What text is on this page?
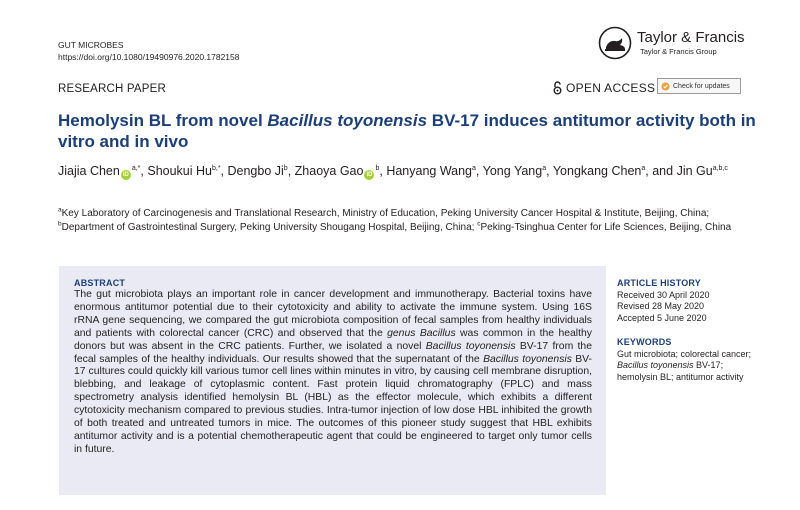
GUT MICROBES
https://doi.org/10.1080/19490976.2020.1782158
Taylor & Francis
Taylor & Francis Group
RESEARCH PAPER	OPEN ACCESS	Check for updates
Hemolysin BL from novel Bacillus toyonensis BV-17 induces antitumor activity both in vitro and in vivo
Jiajia Chen $iD^{a,*}$, Shoukui $Hu^{b,*}$, Dengbo Ji$^b$, Zhaoya Gao $iD^b$, Hanyang Wang$^a$, Yong Yang$^a$, Yongkang Chen$^a$, and Jin Gu$^{a,b,c}$
$^a$Key Laboratory of Carcinogenesis and Translational Research, Ministry of Education, Peking University Cancer Hospital & Institute, Beijing, China; $^b$Department of Gastrointestinal Surgery, Peking University Shougang Hospital, Beijing, China; $^c$Peking-Tsinghua Center for Life Sciences, Beijing, China
ABSTRACT
The gut microbiota plays an important role in cancer development and immunotherapy. Bacterial toxins have enormous antitumor potential due to their cytotoxicity and ability to activate the immune system. Using 16S rRNA gene sequencing, we compared the gut microbiota composition of fecal samples from healthy individuals and patients with colorectal cancer (CRC) and observed that the genus Bacillus was common in the healthy donors but was absent in the CRC patients. Further, we isolated a novel Bacillus toyonensis BV-17 from the fecal samples of the healthy individuals. Our results showed that the supernatant of the Bacillus toyonensis BV-17 cultures could quickly kill various tumor cell lines within minutes in vitro, by causing cell membrane disruption, blebbing, and leakage of cytoplasmic content. Fast protein liquid chromatography (FPLC) and mass spectrometry analysis identified hemolysin BL (HBL) as the effector molecule, which exhibits a different cytotoxicity mechanism compared to previous studies. Intra-tumor injection of low dose HBL inhibited the growth of both treated and untreated tumors in mice. The outcomes of this pioneer study suggest that HBL exhibits antitumor activity and is a potential chemotherapeutic agent that could be engineered to target only tumor cells in future.
ARTICLE HISTORY
Received 30 April 2020
Revised 28 May 2020
Accepted 5 June 2020
KEYWORDS
Gut microbiota; colorectal cancer; Bacillus toyonensis BV-17; hemolysin BL; antitumor activity
